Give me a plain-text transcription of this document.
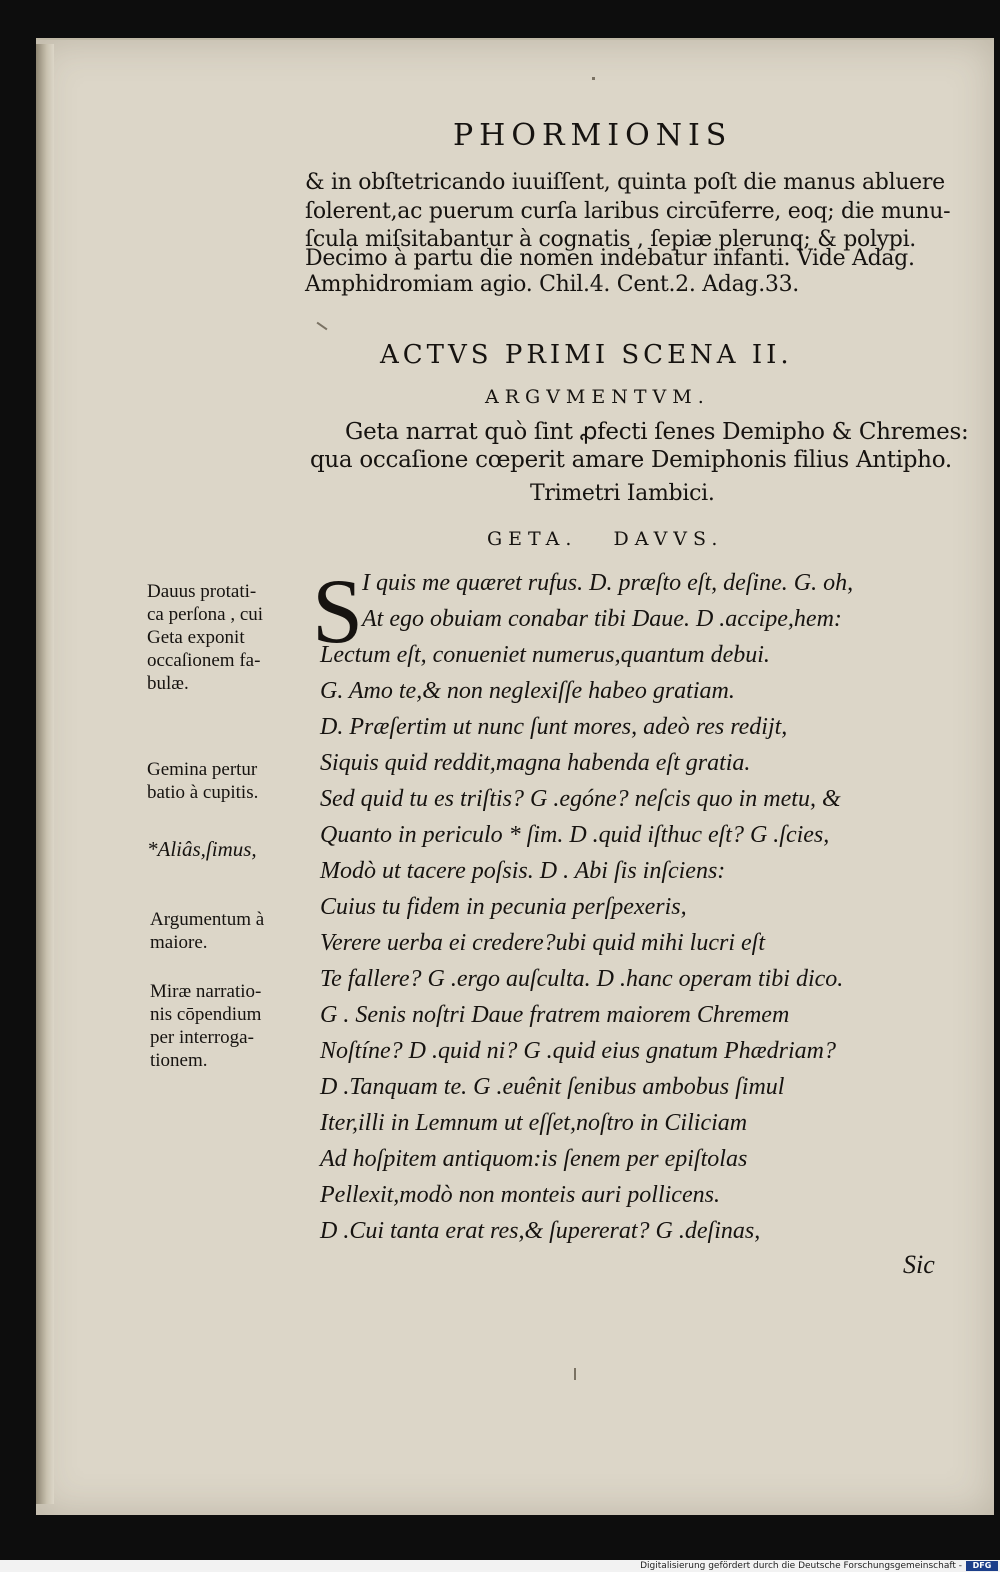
PHORMIONIS
& in obſtetricando iuuiſſent, quinta poſt die manus abluere
ſolerent,ac puerum curſa laribus circūferre, eoq; die munu-
ſcula miſsitabantur à cognatis , ſepiæ plerunq; & polypi.
Decimo à partu die nomen indebatur infanti. Vide Adag.
Amphidromiam agio. Chil.4. Cent.2. Adag.33.
ACTVS PRIMI SCENA II.
ARGVMENTVM.
Geta narrat quò ſint ꝓfecti ſenes Demipho & Chremes:
qua occaſione cœperit amare Demiphonis filius Antipho.
Trimetri Iambici.
GETA.   DAVVS.
S
I quis me quæret rufus. D. præſto eſt, deſine. G. oh,
At ego obuiam conabar tibi Daue. D .accipe,hem:
Lectum eſt, conueniet numerus,quantum debui.
G. Amo te,& non neglexiſſe habeo gratiam.
D. Præſertim ut nunc ſunt mores, adeò res rediјt,
Siquis quid reddit,magna habenda eſt gratia.
Sed quid tu es triſtis? G .egóne? neſcis quo in metu, &
Quanto in periculo * ſim. D .quid iſthuc eſt? G .ſcies,
Modò ut tacere poſsis. D . Abi ſis inſciens:
Cuius tu fidem in pecunia perſpexeris,
Verere uerba ei credere?ubi quid mihi lucri eſt
Te fallere? G .ergo auſculta. D .hanc operam tibi dico.
G . Senis noſtri Daue fratrem maiorem Chremem
Noſtíne? D .quid ni? G .quid eius gnatum Phædriam?
D .Tanquam te. G .euênit ſenibus ambobus ſimul
Iter,illi in Lemnum ut eſſet,noſtro in Ciliciam
Ad hoſpitem antiquom:is ſenem per epiſtolas
Pellexit,modò non monteis auri pollicens.
D .Cui tanta erat res,& ſupererat? G .deſinas,
Dauus protati-
ca perſona , cui
Geta exponit
occaſionem fa-
bulæ.
Gemina pertur
batio à cupitis.
*Aliâs,ſimus,
Argumentum à
maiore.
Miræ narratio-
nis cōpendium
per interroga-
tionem.
Sic
Digitalisierung gefördert durch die Deutsche Forschungsgemeinschaft -	DFG
